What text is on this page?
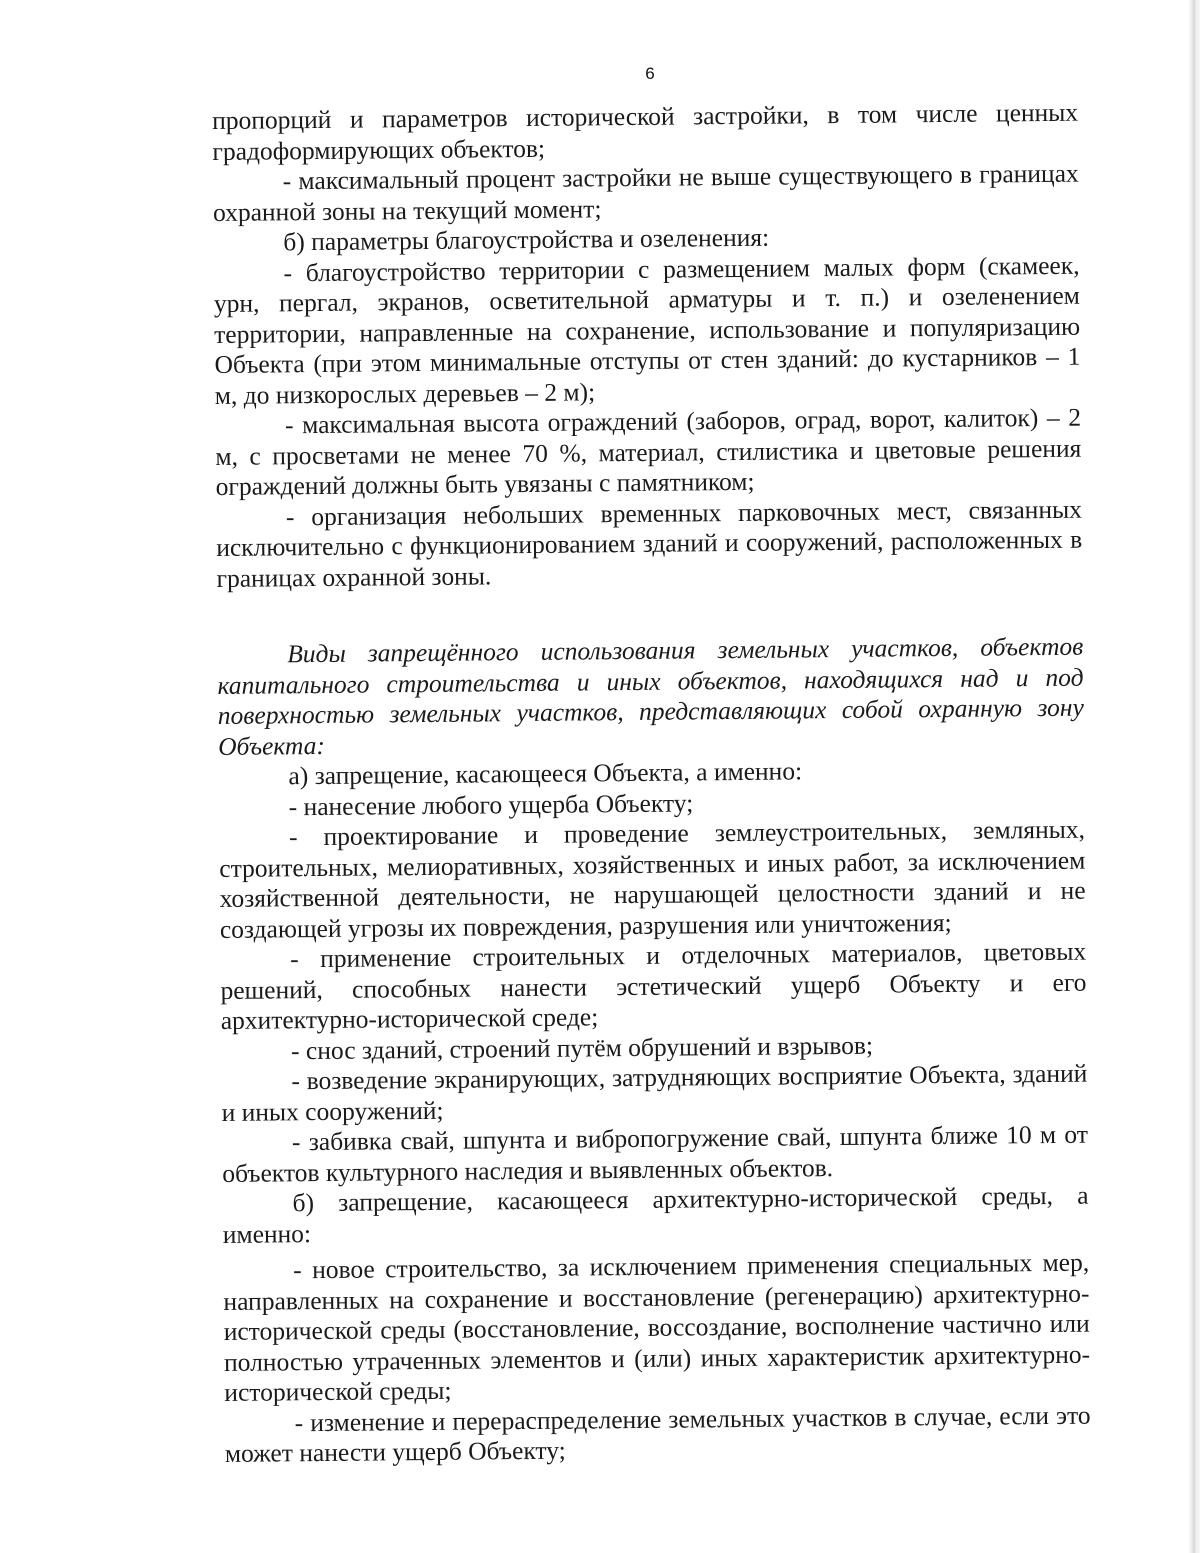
6

пропорций и параметров исторической застройки, в том числе ценных градоформирующих объектов;

- максимальный процент застройки не выше существующего в границах охранной зоны на текущий момент;

б) параметры благоустройства и озеленения:

- благоустройство территории с размещением малых форм (скамеек, урн, пергал, экранов, осветительной арматуры и т. п.) и озеленением территории, направленные на сохранение, использование и популяризацию Объекта (при этом минимальные отступы от стен зданий: до кустарников – 1 м, до низкорослых деревьев – 2 м);

- максимальная высота ограждений (заборов, оград, ворот, калиток) – 2 м, с просветами не менее 70 %, материал, стилистика и цветовые решения ограждений должны быть увязаны с памятником;

- организация небольших временных парковочных мест, связанных исключительно с функционированием зданий и сооружений, расположенных в границах охранной зоны.

Виды запрещённого использования земельных участков, объектов капитального строительства и иных объектов, находящихся над и под поверхностью земельных участков, представляющих собой охранную зону Объекта:

а) запрещение, касающееся Объекта, а именно:

- нанесение любого ущерба Объекту;

- проектирование и проведение землеустроительных, земляных, строительных, мелиоративных, хозяйственных и иных работ, за исключением хозяйственной деятельности, не нарушающей целостности зданий и не создающей угрозы их повреждения, разрушения или уничтожения;

- применение строительных и отделочных материалов, цветовых решений, способных нанести эстетический ущерб Объекту и его архитектурно-исторической среде;

- снос зданий, строений путём обрушений и взрывов;

- возведение экранирующих, затрудняющих восприятие Объекта, зданий и иных сооружений;

- забивка свай, шпунта и вибропогружение свай, шпунта ближе 10 м от объектов культурного наследия и выявленных объектов.

б) запрещение, касающееся архитектурно-исторической среды, а именно:

- новое строительство, за исключением применения специальных мер, направленных на сохранение и восстановление (регенерацию) архитектурно-исторической среды (восстановление, воссоздание, восполнение частично или полностью утраченных элементов и (или) иных характеристик архитектурно-исторической среды;

- изменение и перераспределение земельных участков в случае, если это может нанести ущерб Объекту;
